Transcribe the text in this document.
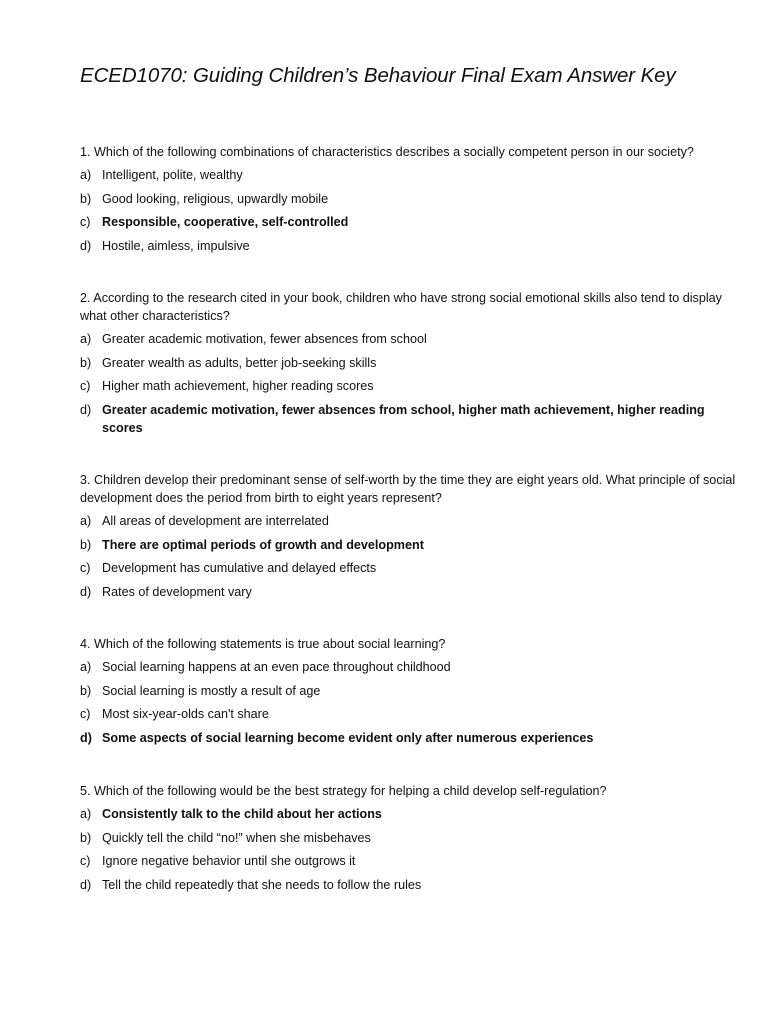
ECED1070: Guiding Children’s Behaviour Final Exam Answer Key

1. Which of the following combinations of characteristics describes a socially competent person in our society?

a) Intelligent, polite, wealthy
b) Good looking, religious, upwardly mobile
c) Responsible, cooperative, self-controlled
d) Hostile, aimless, impulsive

2. According to the research cited in your book, children who have strong social emotional skills also tend to display what other characteristics?

a) Greater academic motivation, fewer absences from school
b) Greater wealth as adults, better job-seeking skills
c) Higher math achievement, higher reading scores
d) Greater academic motivation, fewer absences from school, higher math achievement, higher reading scores

3. Children develop their predominant sense of self-worth by the time they are eight years old. What principle of social development does the period from birth to eight years represent?

a) All areas of development are interrelated
b) There are optimal periods of growth and development
c) Development has cumulative and delayed effects
d) Rates of development vary

4. Which of the following statements is true about social learning?

a) Social learning happens at an even pace throughout childhood
b) Social learning is mostly a result of age
c) Most six-year-olds can't share
d) Some aspects of social learning become evident only after numerous experiences

5. Which of the following would be the best strategy for helping a child develop self-regulation?

a) Consistently talk to the child about her actions
b) Quickly tell the child “no!” when she misbehaves
c) Ignore negative behavior until she outgrows it
d) Tell the child repeatedly that she needs to follow the rules
